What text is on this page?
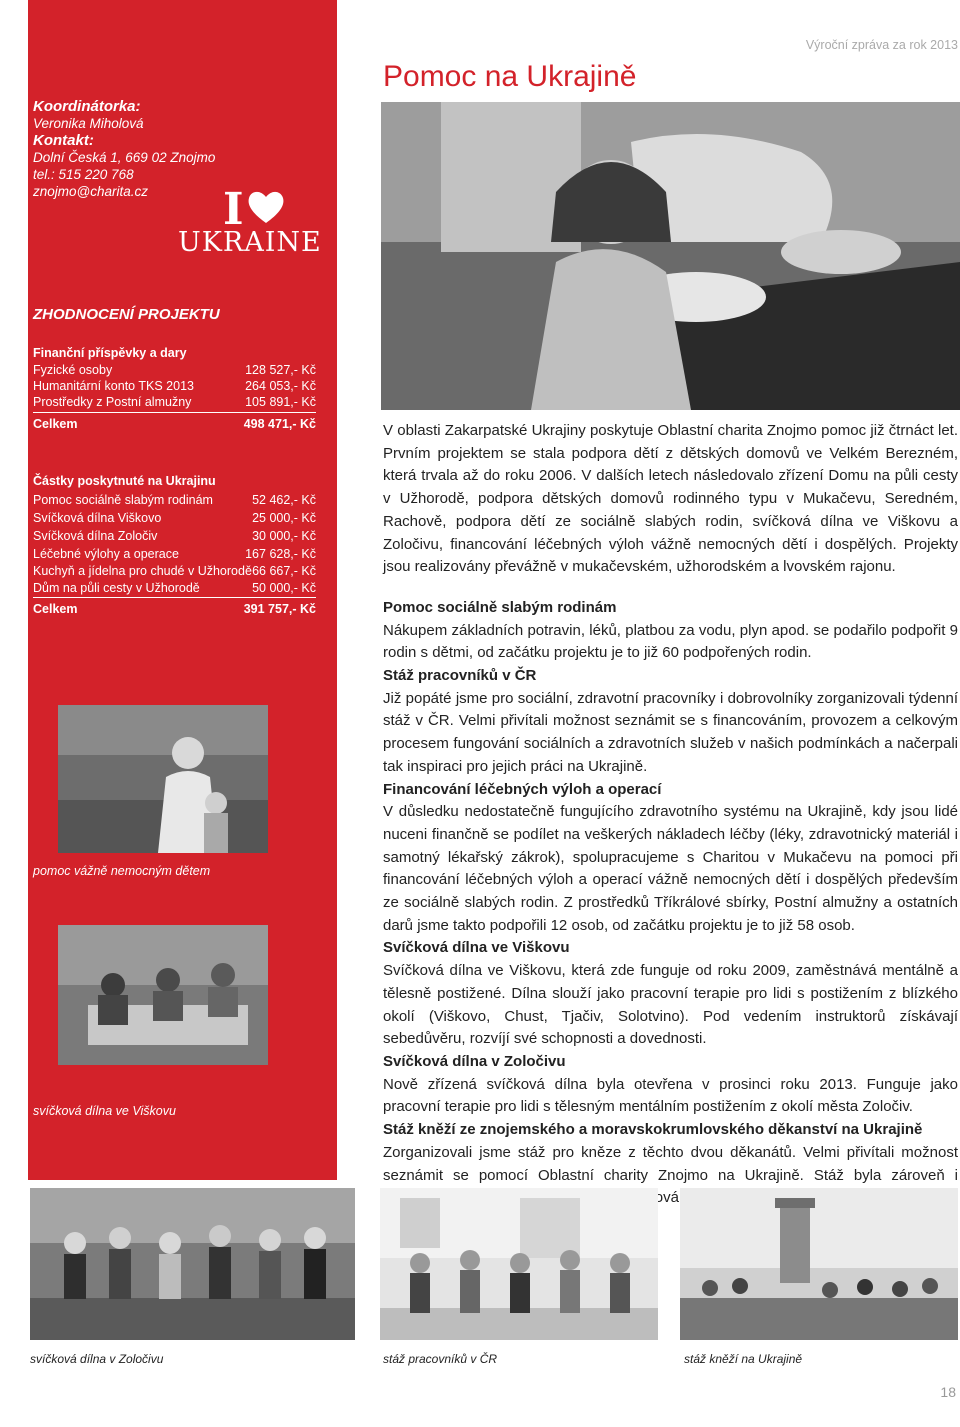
Koordinátorka:
Veronika Miholová
Kontakt:
Dolní Česká 1, 669 02 Znojmo
tel.: 515 220 768
znojmo@charita.cz	I
UKRAINE
ZHODNOCENÍ PROJEKTU
Finanční příspěvky a dary
Fyzické osoby	128 527,- Kč
Humanitární konto TKS 2013	264 053,- Kč
Prostředky z Postní almužny	105 891,- Kč
Celkem	498 471,- Kč
Částky poskytnuté na Ukrajinu
Pomoc sociálně slabým rodinám	52 462,- Kč
Svíčková dílna Viškovo	25 000,- Kč
Svíčková dílna Zoločiv	30 000,- Kč
Léčebné výlohy a operace	167 628,- Kč
Kuchyň a jídelna pro chudé v Užhorodě 66 667,- Kč
Dům na půli cesty v Užhorodě	50 000,- Kč
Celkem	391 757,- Kč
pomoc vážně nemocným dětem
svíčková dílna ve Viškovu
Výroční zpráva za rok 2013
Pomoc na Ukrajině

V oblasti Zakarpatské Ukrajiny poskytuje Oblastní charita Znojmo pomoc již čtrnáct let. Prvním projektem se stala podpora dětí z dětských domovů ve Velkém Berezném, která trvala až do roku 2006. V dalších letech následovalo zřízení Domu na půli cesty v Užhorodě, podpora dětských domovů rodinného typu v Mukačevu, Seredném, Rachově, podpora dětí ze sociálně slabých rodin, svíčková dílna ve Viškovu a Zoločivu, financování léčebných výloh vážně nemocných dětí i dospělých. Projekty jsou realizovány převážně v mukačevském, užhorodském a lvovském rajonu.

Pomoc sociálně slabým rodinám

Nákupem základních potravin, léků, platbou za vodu, plyn apod. se podařilo podpořit 9 rodin s dětmi, od začátku projektu je to již 60 podpořených rodin.

Stáž pracovníků v ČR

Již popáté jsme pro sociální, zdravotní pracovníky i dobrovolníky zorganizovali týdenní stáž v ČR. Velmi přivítali možnost seznámit se s financováním, provozem a celkovým procesem fungování sociálních a zdravotních služeb v našich podmínkách a načerpali tak inspiraci pro jejich práci na Ukrajině.

Financování léčebných výloh a operací

V důsledku nedostatečně fungujícího zdravotního systému na Ukrajině, kdy jsou lidé nuceni finančně se podílet na veškerých nákladech léčby (léky, zdravotnický materiál i samotný lékařský zákrok), spolupracujeme s Charitou v Mukačevu na pomoci při financování léčebných výloh a operací vážně nemocných dětí i dospělých především ze sociálně slabých rodin. Z prostředků Tříkrálové sbírky, Postní almužny a ostatních darů jsme takto podpořili 12 osob, od začátku projektu je to již 58 osob.

Svíčková dílna ve Viškovu

Svíčková dílna ve Viškovu, která zde funguje od roku 2009, zaměstnává mentálně a tělesně postižené. Dílna slouží jako pracovní terapie pro lidi s postižením z blízkého okolí (Viškovo, Chust, Tjačiv, Solotvino). Pod vedením instruktorů získávají sebedůvěru, rozvíjí své schopnosti a dovednosti.

Svíčková dílna v Zoločivu

Nově zřízená svíčková dílna byla otevřena v prosinci roku 2013. Funguje jako pracovní terapie pro lidi s tělesným mentálním postižením z okolí města Zoločiv.

Stáž kněží ze znojemského a moravskokrumlovského děkanství na Ukrajině

Zorganizovali jsme stáž pro kněze z těchto dvou děkanátů. Velmi přivítali možnost seznámit se pomocí Oblastní charity Znojmo na Ukrajině. Stáž byla zároveň i

svíčková dílna v Zoločivu	stáž pracovníků v ČR	stáž kněží na Ukrajině
18
